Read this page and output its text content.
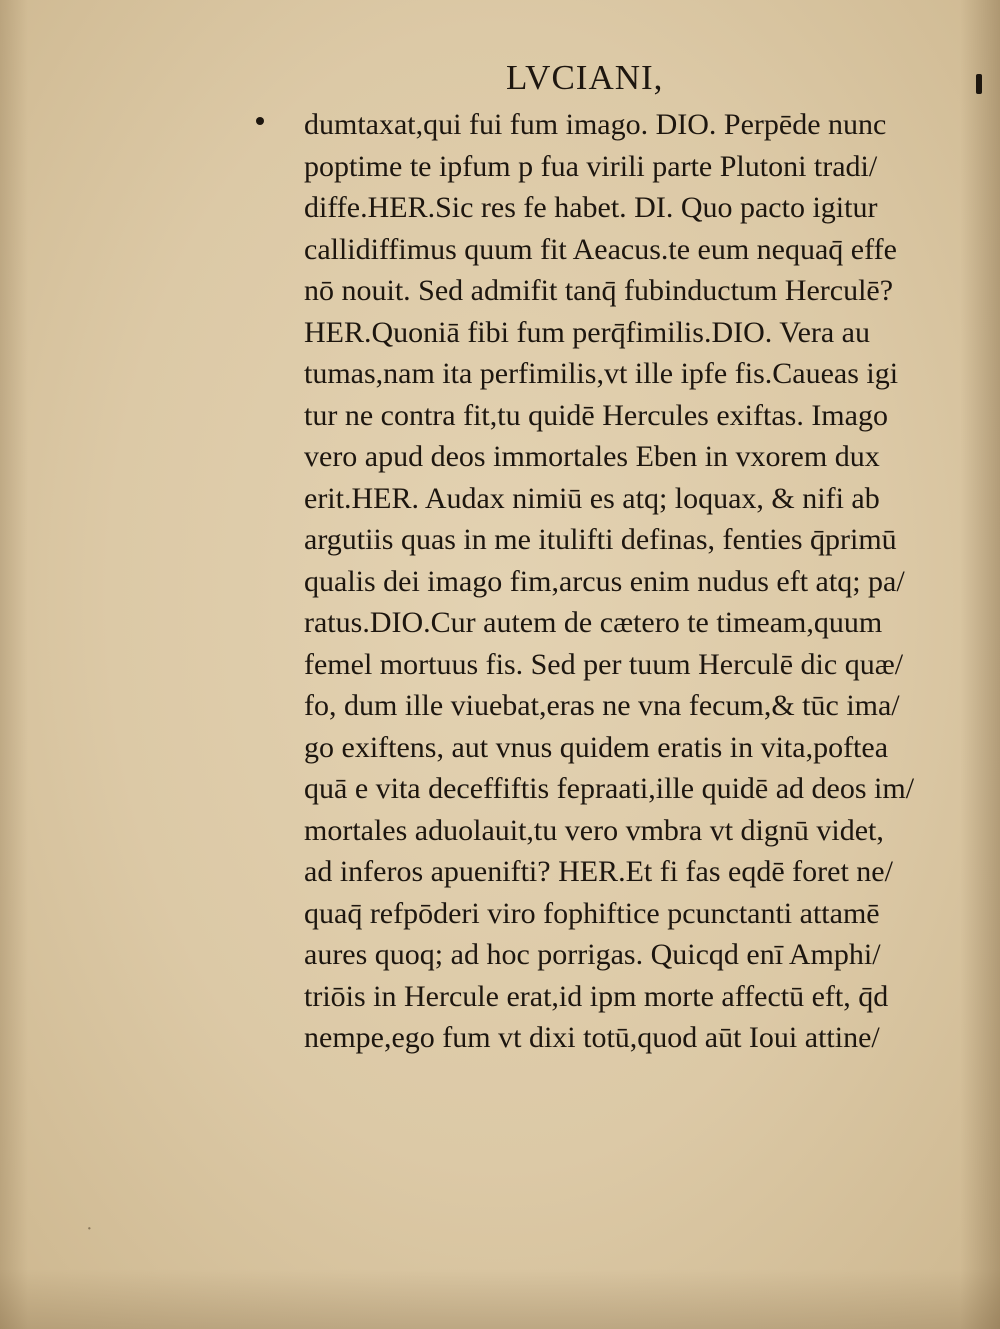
LVCIANI,
·
dumtaxat,qui fui fum imago. DIO. Perpēde nunc
poptime te ipfum p fua virili parte Plutoni tradi/
diffe.HER.Sic res fe habet. DI. Quo pacto igitur
callidiffimus quum fit Aeacus.te eum nequaq̄ effe
nō nouit. Sed admifit tanq̄ fubinductum Herculē?
HER.Quoniā fibi fum perq̄fimilis.DIO. Vera au
tumas,nam ita perfimilis,vt ille ipfe fis.Caueas igi
tur ne contra fit,tu quidē Hercules exiftas. Imago
vero apud deos immortales Eben in vxorem dux
erit.HER. Audax nimiū es atq; loquax, & nifi ab
argutiis quas in me itulifti definas, fenties q̄primū
qualis dei imago fim,arcus enim nudus eft atq; pa/
ratus.DIO.Cur autem de cætero te timeam,quum
femel mortuus fis. Sed per tuum Herculē dic quæ/
fo, dum ille viuebat,eras ne vna fecum,& tūc ima/
go exiftens, aut vnus quidem eratis in vita,poftea
quā e vita deceffiftis fepraati,ille quidē ad deos im/
mortales aduolauit,tu vero vmbra vt dignū videt,
ad inferos apuenifti? HER.Et fi fas eqdē foret ne/
quaq̄ refpōderi viro fophiftice pcunctanti attamē
aures quoq; ad hoc porrigas. Quicqd enī Amphi/
triōis in Hercule erat,id ipm morte affectū eft, q̄d
nempe,ego fum vt dixi totū,quod aūt Ioui attine/
